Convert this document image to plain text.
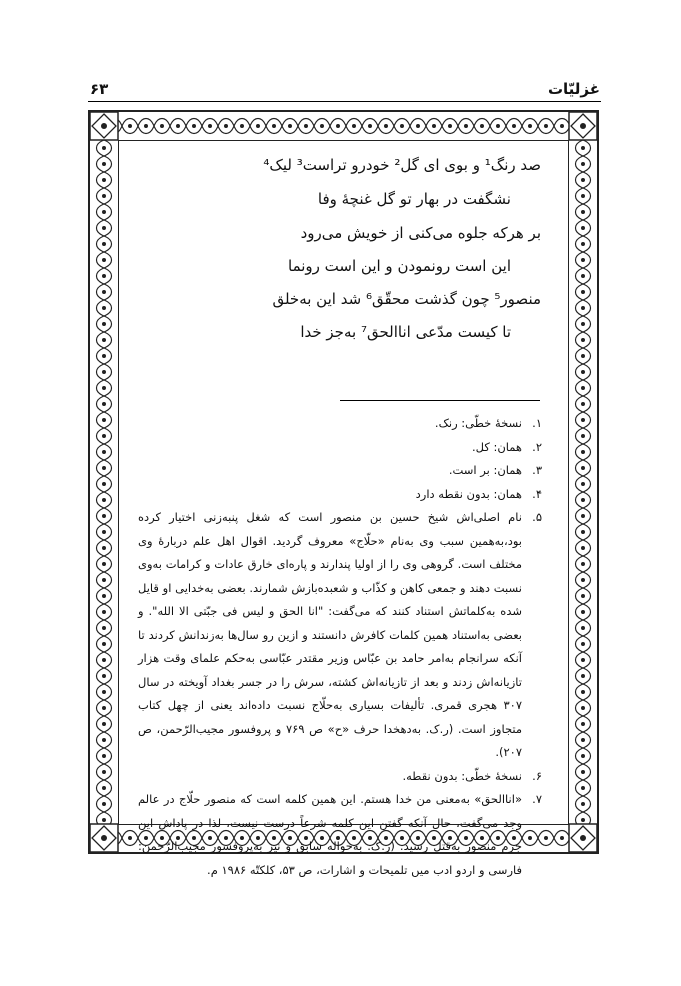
غزلیّات
۶۳
صد رنگ¹ و بوی ای گل² خودرو تراست³ لیک⁴
نشگفت در بهار تو گل غنچهٔ وفا
بر هرکه جلوه می‌کنی از خویش می‌رود
این است رونمودن و این است رونما
منصور⁵ چون گذشت محقّق⁶ شد این به‌خلق
تا کیست مدّعی اناالحق⁷ به‌جز خدا
۱.
نسخهٔ خطّی: رنک.
۲.
همان: کل.
۳.
همان: بر است.
۴.
همان: بدون نقطه دارد
۵.
نام اصلی‌اش شیخ حسین بن منصور است که شغل پنبه‌زنی اختیار کرده بود،به‌همین سبب وی به‌نام «حلّاج» معروف گردید. اقوال اهل علم دربارهٔ وی مختلف است. گروهی وی را از اولیا پندارند و پاره‌ای خارق عادات و کرامات به‌وی نسبت دهند و جمعی کاهن و کذّاب و شعبده‌بازش شمارند. بعضی به‌خدایی او قایل شده به‌کلماتش استناد کنند که می‌گفت: "انا الحق و لیس فی جبّتی الا الله". و بعضی به‌استناد همین کلمات کافرش دانستند و ازین رو سال‌ها به‌زندانش کردند تا آنکه سرانجام به‌امر حامد بن عبّاس وزیر مقتدر عبّاسی به‌حکم علمای وقت هزار تازیانه‌اش زدند و بعد از تازیانه‌اش کشته، سرش را در جسر بغداد آویخته در سال ۳۰۷ هجری قمری. تألیفات بسیاری به‌حلّاج نسبت داده‌اند یعنی از چهل کتاب متجاوز است. (ر.ک. به‌دهخدا حرف «ح» ص ۷۶۹ و پروفسور مجیب‌الرّحمن، ص ۲۰۷).
۶.
نسخهٔ خطّی: بدون نقطه.
۷.
«اناالحق» به‌معنی من خدا هستم. این همین کلمه است که منصور حلّاج در عالم وجد می‌گفت، حال آنکه گفتن این کلمه شرعاً درست نیست، لذا در پاداش این جرم منصور به‌قتل رسید. (ر.ک. به‌حواله سابق و نیز به‌پروفسور مجیب‌الرّحمن: فارسی و اردو ادب میں تلمیحات و اشارات، ص ۵۳، کلکتّه ۱۹۸۶ م.
